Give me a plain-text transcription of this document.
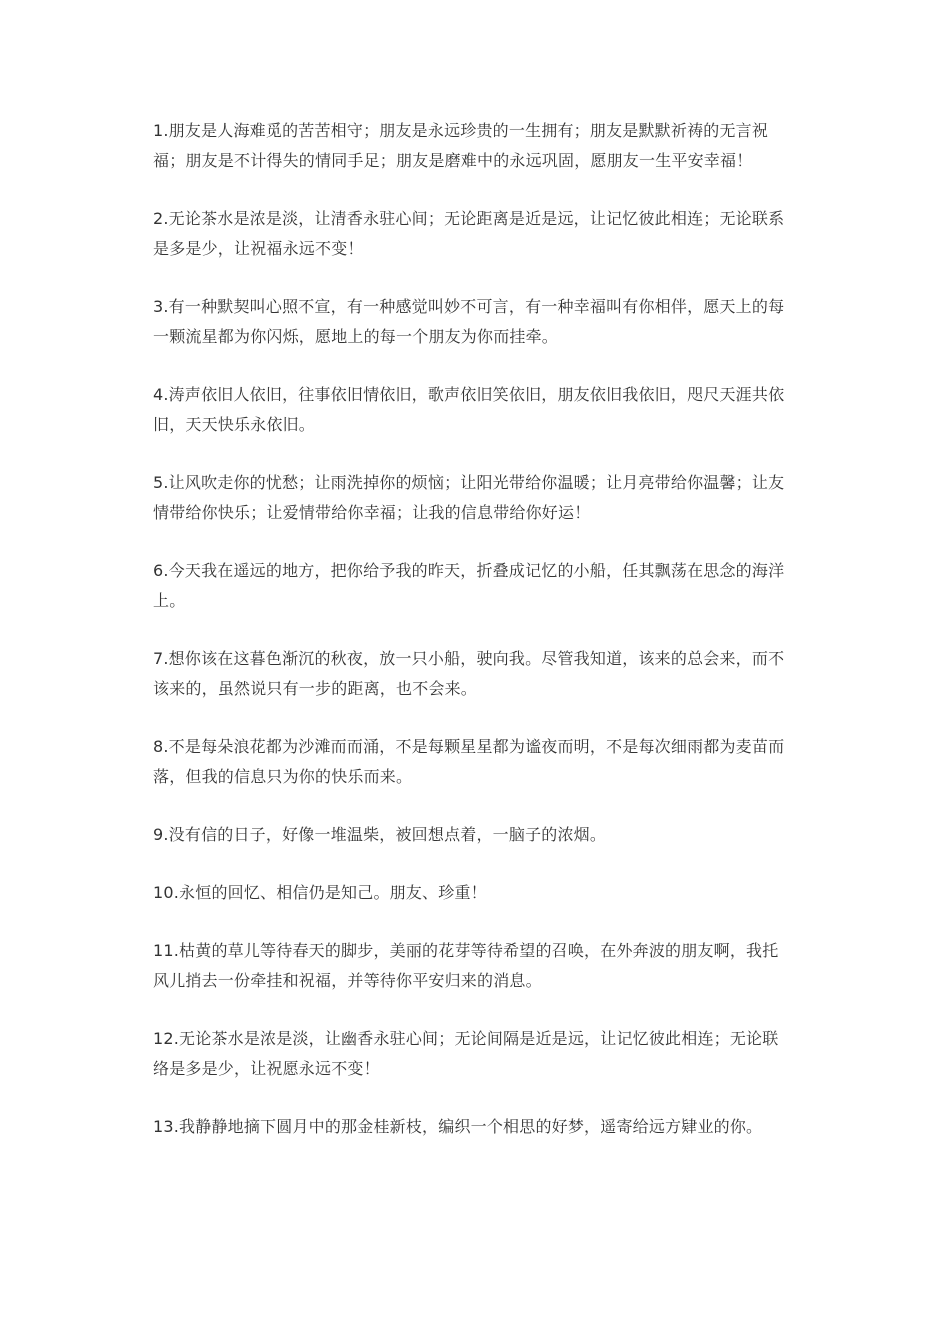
1.朋友是人海难觅的苦苦相守；朋友是永远珍贵的一生拥有；朋友是默默祈祷的无言祝福；朋友是不计得失的情同手足；朋友是磨难中的永远巩固，愿朋友一生平安幸福！

2.无论茶水是浓是淡，让清香永驻心间；无论距离是近是远，让记忆彼此相连；无论联系是多是少，让祝福永远不变！

3.有一种默契叫心照不宣，有一种感觉叫妙不可言，有一种幸福叫有你相伴，愿天上的每一颗流星都为你闪烁，愿地上的每一个朋友为你而挂牵。

4.涛声依旧人依旧，往事依旧情依旧，歌声依旧笑依旧，朋友依旧我依旧，咫尺天涯共依旧，天天快乐永依旧。

5.让风吹走你的忧愁；让雨洗掉你的烦恼；让阳光带给你温暖；让月亮带给你温馨；让友情带给你快乐；让爱情带给你幸福；让我的信息带给你好运！

6.今天我在遥远的地方，把你给予我的昨天，折叠成记忆的小船，任其飘荡在思念的海洋上。

7.想你该在这暮色渐沉的秋夜，放一只小船，驶向我。尽管我知道，该来的总会来，而不该来的，虽然说只有一步的距离，也不会来。

8.不是每朵浪花都为沙滩而而涌，不是每颗星星都为谧夜而明，不是每次细雨都为麦苗而落，但我的信息只为你的快乐而来。

9.没有信的日子，好像一堆温柴，被回想点着，一脑子的浓烟。

10.永恒的回忆、相信仍是知己。朋友、珍重！

11.枯黄的草儿等待春天的脚步，美丽的花芽等待希望的召唤，在外奔波的朋友啊，我托风儿捎去一份牵挂和祝福，并等待你平安归来的消息。

12.无论茶水是浓是淡，让幽香永驻心间；无论间隔是近是远，让记忆彼此相连；无论联络是多是少，让祝愿永远不变！

13.我静静地摘下圆月中的那金桂新枝，编织一个相思的好梦，遥寄给远方肄业的你。
